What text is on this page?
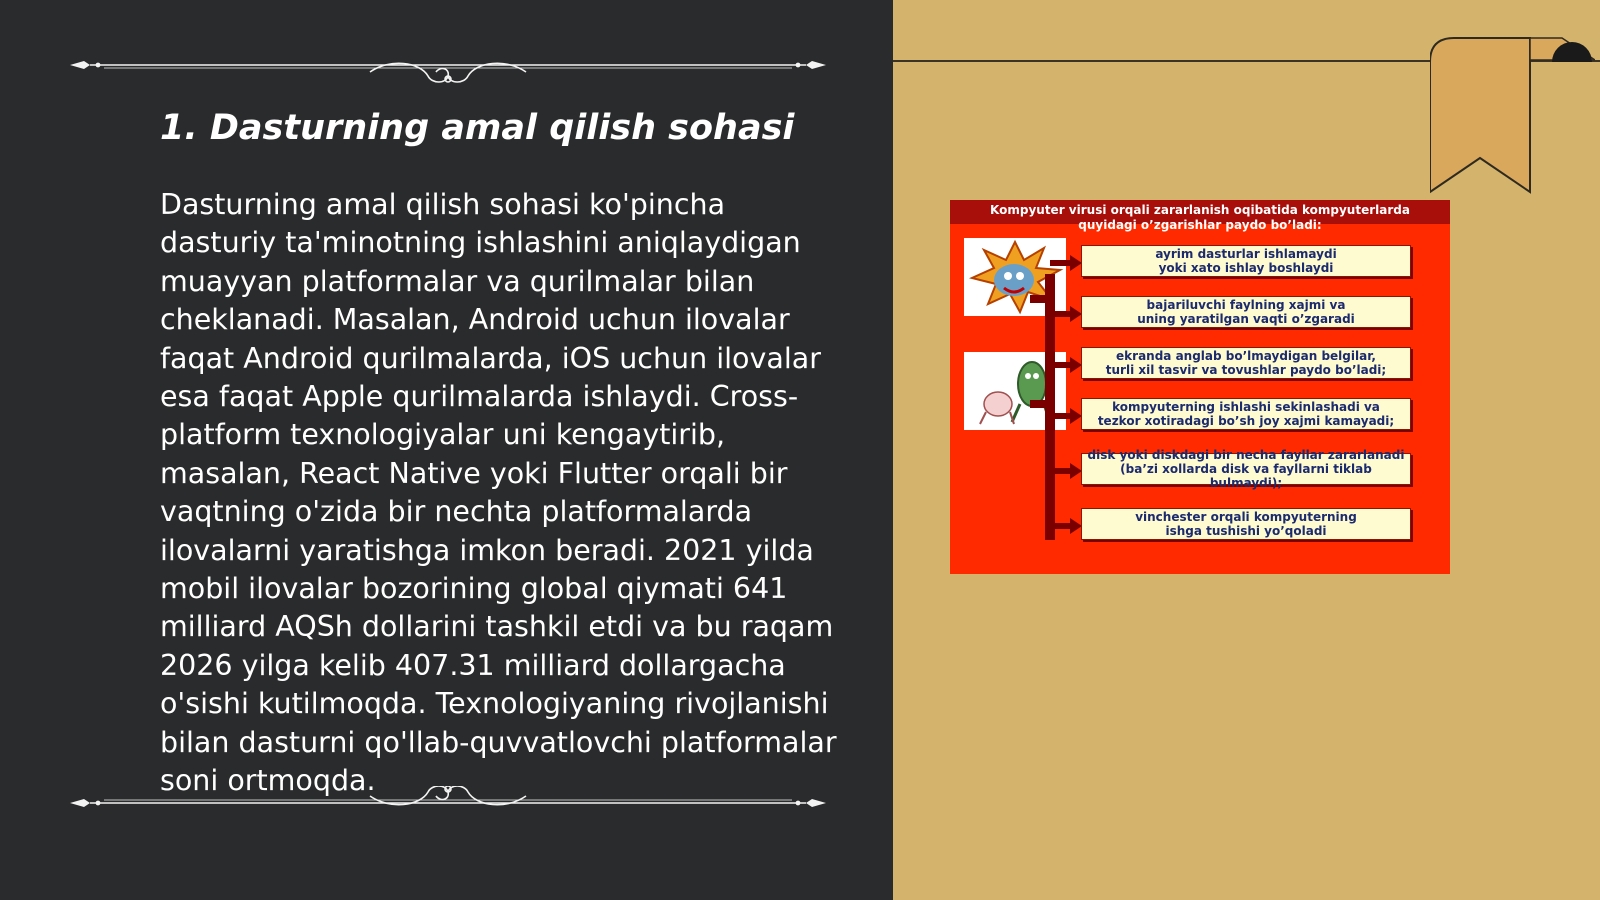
1. Dasturning amal qilish sohasi

Dasturning amal qilish sohasi ko'pincha dasturiy ta'minotning ishlashini aniqlaydigan muayyan platformalar va qurilmalar bilan cheklanadi. Masalan, Android uchun ilovalar faqat Android qurilmalarda, iOS uchun ilovalar esa faqat Apple qurilmalarda ishlaydi. Cross-platform texnologiyalar uni kengaytirib, masalan, React Native yoki Flutter orqali bir vaqtning o'zida bir nechta platformalarda ilovalarni yaratishga imkon beradi. 2021 yilda mobil ilovalar bozorining global qiymati 641 milliard AQSh dollarini tashkil etdi va bu raqam 2026 yilga kelib 407.31 milliard dollargacha o'sishi kutilmoqda. Texnologiyaning rivojlanishi bilan dasturni qo'llab-quvvatlovchi platformalar soni ortmoqda.

Kompyuter virusi orqali zararlanish oqibatida kompyuterlarda
quyidagi o’zgarishlar paydo bo’ladi:
ayrim dasturlar ishlamaydi
yoki xato ishlay boshlaydi
bajariluvchi faylning xajmi va
uning yaratilgan vaqti o’zgaradi
ekranda anglab bo’lmaydigan belgilar,
turli xil tasvir va tovushlar paydo bo’ladi;
kompyuterning ishlashi sekinlashadi va
tezkor xotiradagi bo’sh joy xajmi kamayadi;
disk yoki diskdagi bir necha fayllar zararlanadi
(ba’zi xollarda disk va fayllarni tiklab bulmaydi);
vinchester orqali kompyuterning
ishga tushishi yo’qoladi
